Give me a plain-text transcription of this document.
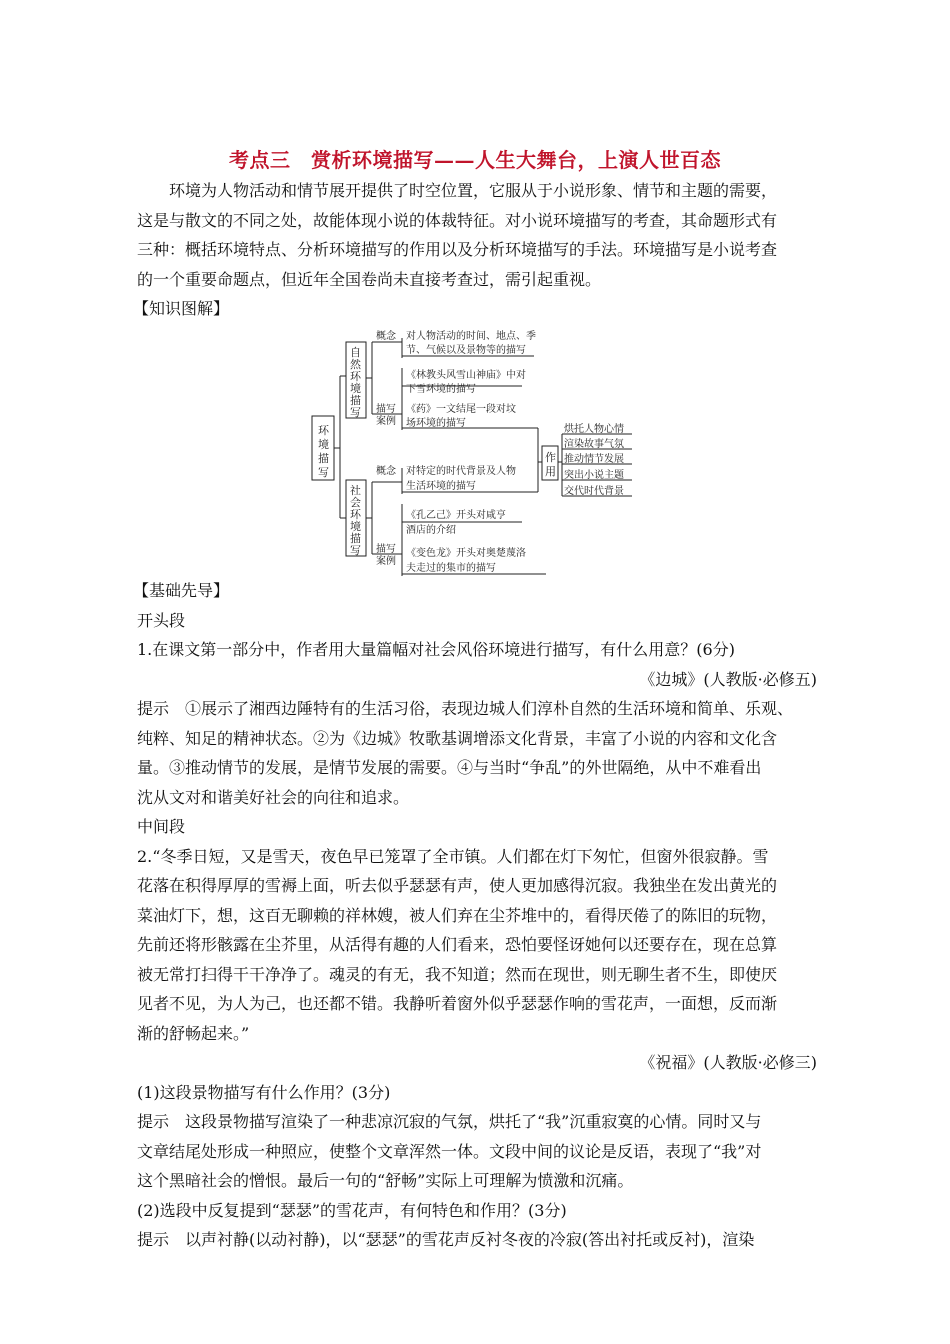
考点三　赏析环境描写——人生大舞台，上演人世百态

环境为人物活动和情节展开提供了时空位置，它服从于小说形象、情节和主题的需要，

这是与散文的不同之处，故能体现小说的体裁特征。对小说环境描写的考查，其命题形式有

三种：概括环境特点、分析环境描写的作用以及分析环境描写的手法。环境描写是小说考查

的一个重要命题点，但近年全国卷尚未直接考查过，需引起重视。

【知识图解】

环
境
描
写
自
然
环
境
描
写
社
会
环
境
描
写
概念 对人物活动的时间、地点、季
节、气候以及景物等的描写
《林教头风雪山神庙》中对
下雪环境的描写
描写
案例
《药》一文结尾一段对坟
场环境的描写
概念 对特定的时代背景及人物
生活环境的描写
《孔乙己》开头对咸亨
酒店的介绍
描写
案例
《变色龙》开头对奥楚蔑洛
夫走过的集市的描写
作
用
烘托人物心情
渲染故事气氛
推动情节发展
突出小说主题
交代时代背景

【基础先导】

开头段

1.在课文第一部分中，作者用大量篇幅对社会风俗环境进行描写，有什么用意？(6分)

《边城》(人教版·必修五)

提示　①展示了湘西边陲特有的生活习俗，表现边城人们淳朴自然的生活环境和简单、乐观、

纯粹、知足的精神状态。②为《边城》牧歌基调增添文化背景，丰富了小说的内容和文化含

量。③推动情节的发展，是情节发展的需要。④与当时“争乱”的外世隔绝，从中不难看出

沈从文对和谐美好社会的向往和追求。

中间段

2.“冬季日短，又是雪天，夜色早已笼罩了全市镇。人们都在灯下匆忙，但窗外很寂静。雪

花落在积得厚厚的雪褥上面，听去似乎瑟瑟有声，使人更加感得沉寂。我独坐在发出黄光的

菜油灯下，想，这百无聊赖的祥林嫂，被人们弃在尘芥堆中的，看得厌倦了的陈旧的玩物，

先前还将形骸露在尘芥里，从活得有趣的人们看来，恐怕要怪讶她何以还要存在，现在总算

被无常打扫得干干净净了。魂灵的有无，我不知道；然而在现世，则无聊生者不生，即使厌

见者不见，为人为己，也还都不错。我静听着窗外似乎瑟瑟作响的雪花声，一面想，反而渐

渐的舒畅起来。”

《祝福》(人教版·必修三)

(1)这段景物描写有什么作用？(3分)

提示　这段景物描写渲染了一种悲凉沉寂的气氛，烘托了“我”沉重寂寞的心情。同时又与

文章结尾处形成一种照应，使整个文章浑然一体。文段中间的议论是反语，表现了“我”对

这个黑暗社会的憎恨。最后一句的“舒畅”实际上可理解为愤激和沉痛。

(2)选段中反复提到“瑟瑟”的雪花声，有何特色和作用？(3分)

提示　以声衬静(以动衬静)，以“瑟瑟”的雪花声反衬冬夜的冷寂(答出衬托或反衬)，渲染
